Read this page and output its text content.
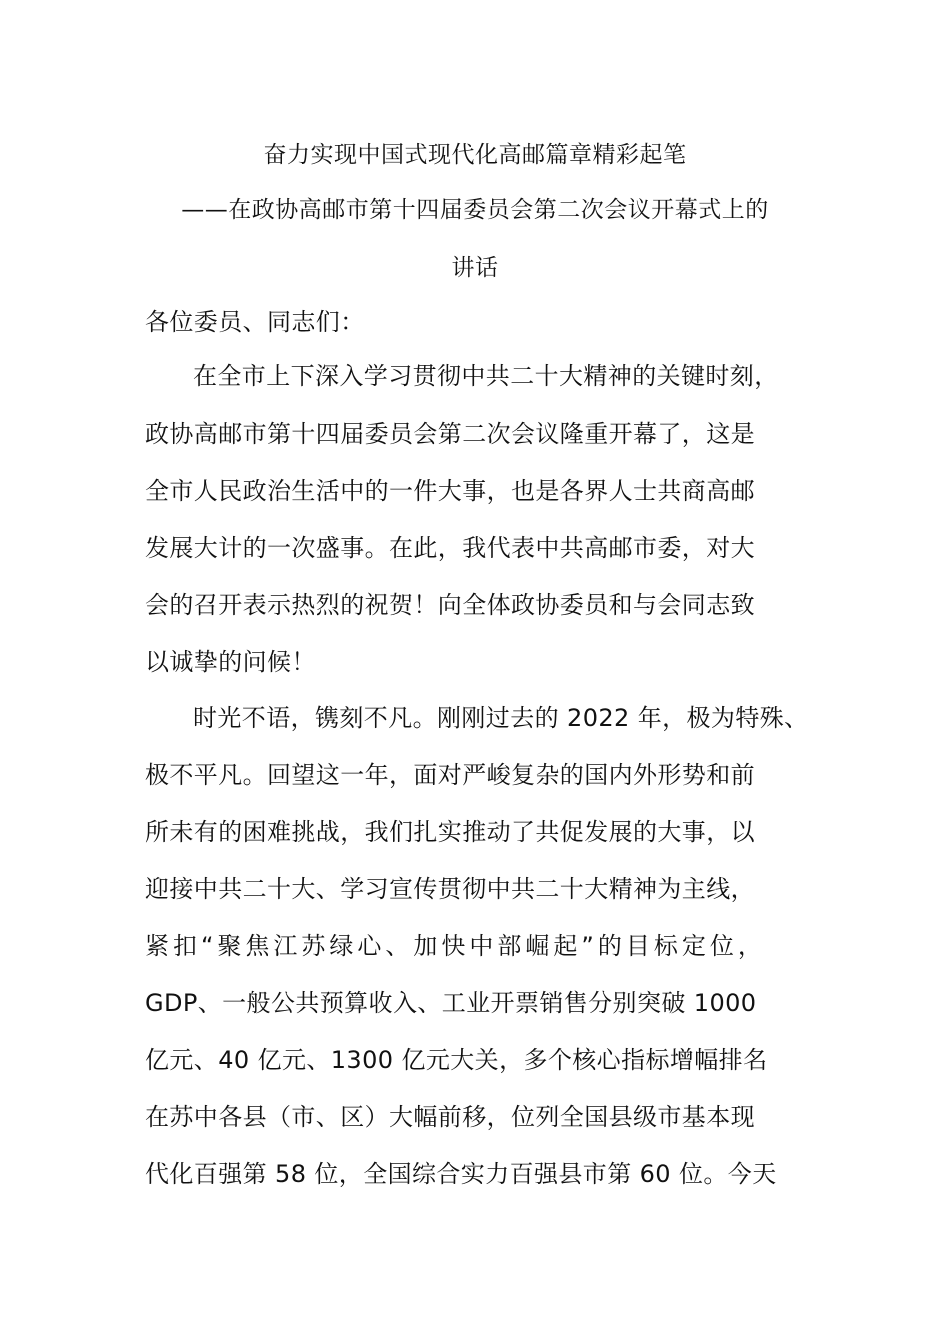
奋力实现中国式现代化高邮篇章精彩起笔
——在政协高邮市第十四届委员会第二次会议开幕式上的
讲话
各位委员、同志们：
在全市上下深入学习贯彻中共二十大精神的关键时刻，
政协高邮市第十四届委员会第二次会议隆重开幕了，这是
全市人民政治生活中的一件大事，也是各界人士共商高邮
发展大计的一次盛事。在此，我代表中共高邮市委，对大
会的召开表示热烈的祝贺！向全体政协委员和与会同志致
以诚挚的问候！
时光不语，镌刻不凡。刚刚过去的 2022 年，极为特殊、
极不平凡。回望这一年，面对严峻复杂的国内外形势和前
所未有的困难挑战，我们扎实推动了共促发展的大事，以
迎接中共二十大、学习宣传贯彻中共二十大精神为主线，
紧扣“聚焦江苏绿心、加快中部崛起”的目标定位，
GDP、一般公共预算收入、工业开票销售分别突破 1000
亿元、40 亿元、1300 亿元大关，多个核心指标增幅排名
在苏中各县（市、区）大幅前移，位列全国县级市基本现
代化百强第 58 位，全国综合实力百强县市第 60 位。今天
